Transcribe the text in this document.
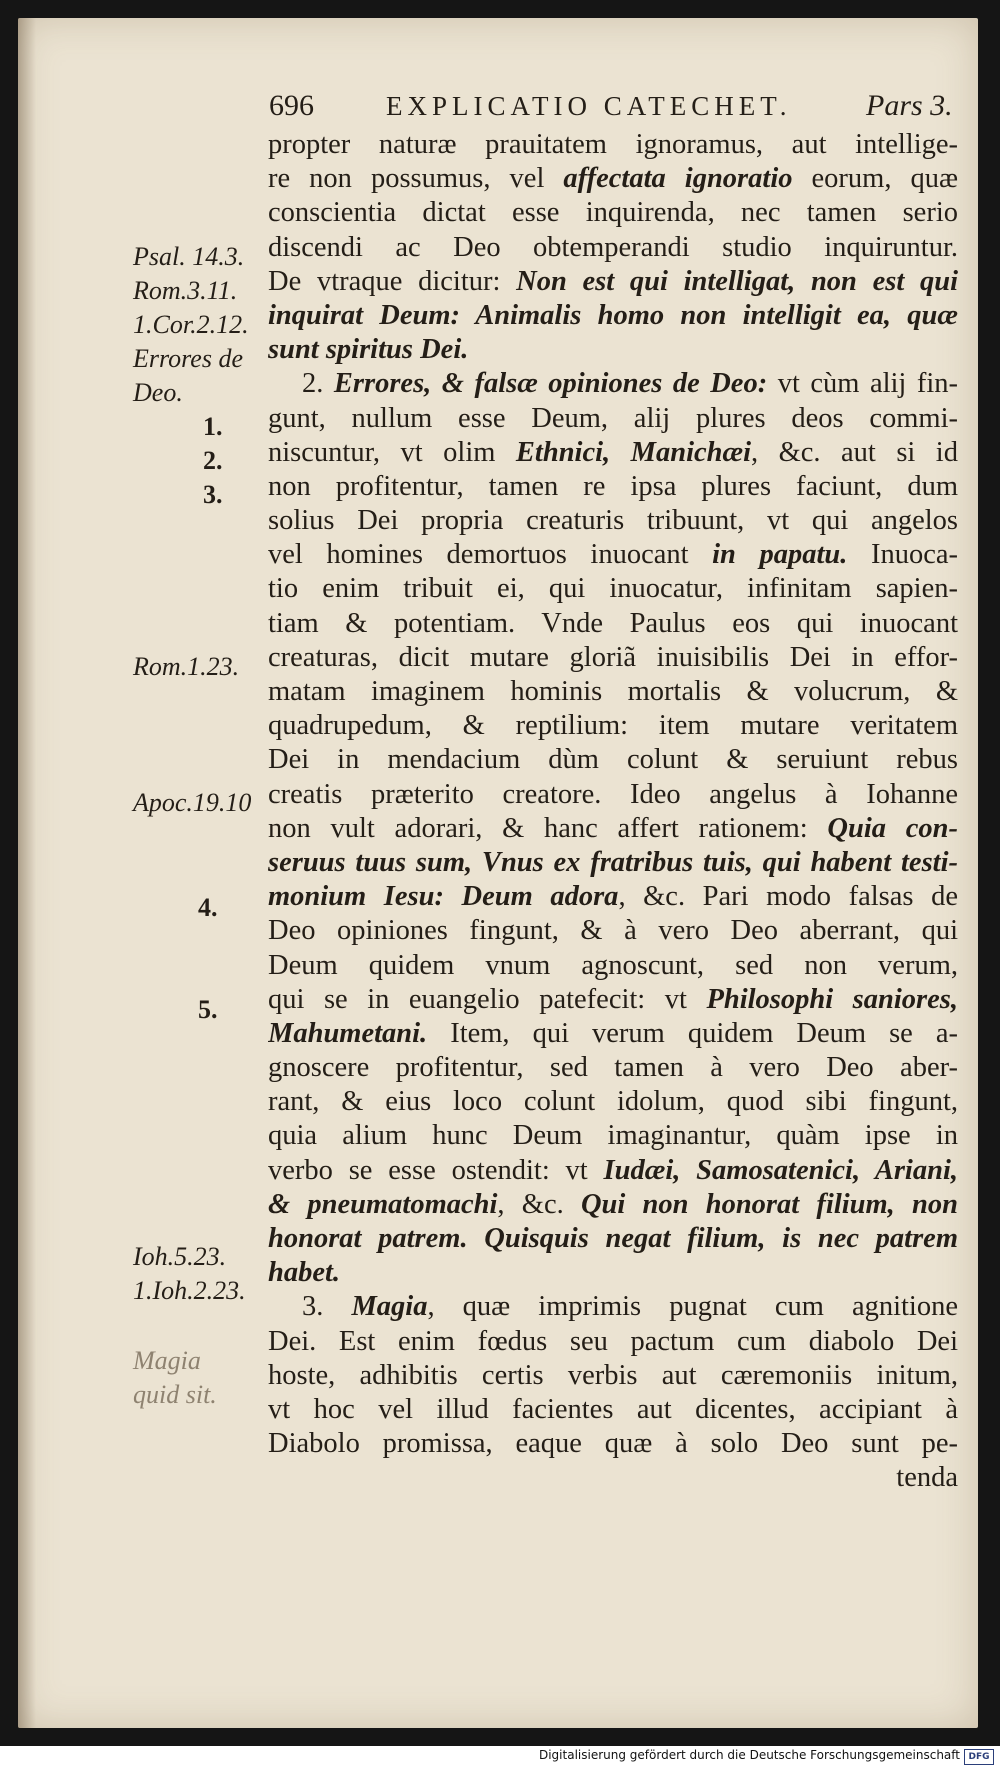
696	EXPLICATIO CATECHET. Pars 3.
Psal. 14.3.
Rom.3.11.
1.Cor.2.12.
Errores de
Deo.
1.
2.
3.
Rom.1.23.
Apoc.19.10
4.
5.
Ioh.5.23.
1.Ioh.2.23.
Magia
quid sit.
propter naturæ prauitatem ignoramus, aut intellige-
re non possumus, vel affectata ignoratio eorum, quæ
conscientia dictat esse inquirenda, nec tamen serio
discendi ac Deo obtemperandi studio inquiruntur.
De vtraque dicitur: Non est qui intelligat, non est qui
inquirat Deum: Animalis homo non intelligit ea, quæ
sunt spiritus Dei.
2. Errores, & falsæ opiniones de Deo: vt cùm alij fin-
gunt, nullum esse Deum, alij plures deos commi-
niscuntur, vt olim Ethnici, Manichæi, &c. aut si id
non profitentur, tamen re ipsa plures faciunt, dum
solius Dei propria creaturis tribuunt, vt qui angelos
vel homines demortuos inuocant in papatu. Inuoca-
tio enim tribuit ei, qui inuocatur, infinitam sapien-
tiam & potentiam. Vnde Paulus eos qui inuocant
creaturas, dicit mutare gloriã inuisibilis Dei in effor-
matam imaginem hominis mortalis & volucrum, &
quadrupedum, & reptilium: item mutare veritatem
Dei in mendacium dùm colunt & seruiunt rebus
creatis præterito creatore. Ideo angelus à Iohanne
non vult adorari, & hanc affert rationem: Quia con-
seruus tuus sum, Vnus ex fratribus tuis, qui habent testi-
monium Iesu: Deum adora, &c. Pari modo falsas de
Deo opiniones fingunt, & à vero Deo aberrant, qui
Deum quidem vnum agnoscunt, sed non verum,
qui se in euangelio patefecit: vt Philosophi saniores,
Mahumetani. Item, qui verum quidem Deum se a-
gnoscere profitentur, sed tamen à vero Deo aber-
rant, & eius loco colunt idolum, quod sibi fingunt,
quia alium hunc Deum imaginantur, quàm ipse in
verbo se esse ostendit: vt Iudæi, Samosatenici, Ariani,
& pneumatomachi, &c. Qui non honorat filium, non
honorat patrem. Quisquis negat filium, is nec patrem
habet.
3. Magia, quæ imprimis pugnat cum agnitione
Dei. Est enim fœdus seu pactum cum diabolo Dei
hoste, adhibitis certis verbis aut cæremoniis initum,
vt hoc vel illud facientes aut dicentes, accipiant à
Diabolo promissa, eaque quæ à solo Deo sunt pe-
tenda
Digitalisierung gefördert durch die Deutsche Forschungsgemeinschaft DFG
